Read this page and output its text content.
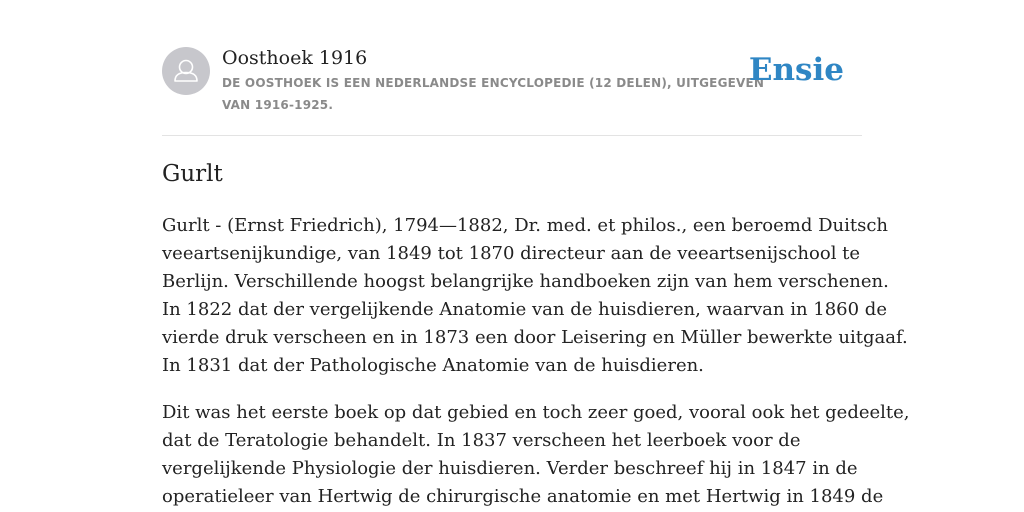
Oosthoek 1916
DE OOSTHOEK IS EEN NEDERLANDSE ENCYCLOPEDIE (12 DELEN), UITGEGEVEN
VAN 1916-1925.
Ensie
Gurlt

Gurlt - (Ernst Friedrich), 1794—1882, Dr. med. et philos., een beroemd Duitsch
veeartsenijkundige, van 1849 tot 1870 directeur aan de veeartsenijschool te
Berlijn. Verschillende hoogst belangrijke handboeken zijn van hem verschenen.
In 1822 dat der vergelijkende Anatomie van de huisdieren, waarvan in 1860 de
vierde druk verscheen en in 1873 een door Leisering en Müller bewerkte uitgaaf.
In 1831 dat der Pathologische Anatomie van de huisdieren.

Dit was het eerste boek op dat gebied en toch zeer goed, vooral ook het gedeelte,
dat de Teratologie behandelt. In 1837 verscheen het leerboek voor de
vergelijkende Physiologie der huisdieren. Verder beschreef hij in 1847 in de
operatieleer van Hertwig de chirurgische anatomie en met Hertwig in 1849 de
